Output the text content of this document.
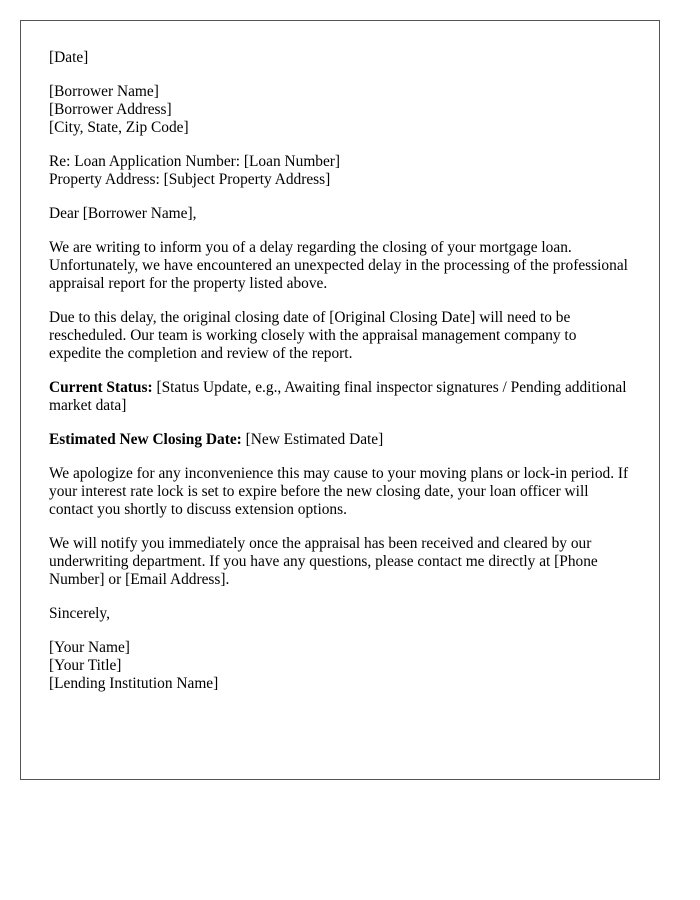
[Date]
[Borrower Name]
[Borrower Address]
[City, State, Zip Code]
Re: Loan Application Number: [Loan Number]
Property Address: [Subject Property Address]
Dear [Borrower Name],

We are writing to inform you of a delay regarding the closing of your mortgage loan. Unfortunately, we have encountered an unexpected delay in the processing of the professional appraisal report for the property listed above.

Due to this delay, the original closing date of [Original Closing Date] will need to be rescheduled. Our team is working closely with the appraisal management company to expedite the completion and review of the report.

Current Status: [Status Update, e.g., Awaiting final inspector signatures / Pending additional market data]

Estimated New Closing Date: [New Estimated Date]

We apologize for any inconvenience this may cause to your moving plans or lock-in period. If your interest rate lock is set to expire before the new closing date, your loan officer will contact you shortly to discuss extension options.

We will notify you immediately once the appraisal has been received and cleared by our underwriting department. If you have any questions, please contact me directly at [Phone Number] or [Email Address].

Sincerely,
[Your Name]
[Your Title]
[Lending Institution Name]
